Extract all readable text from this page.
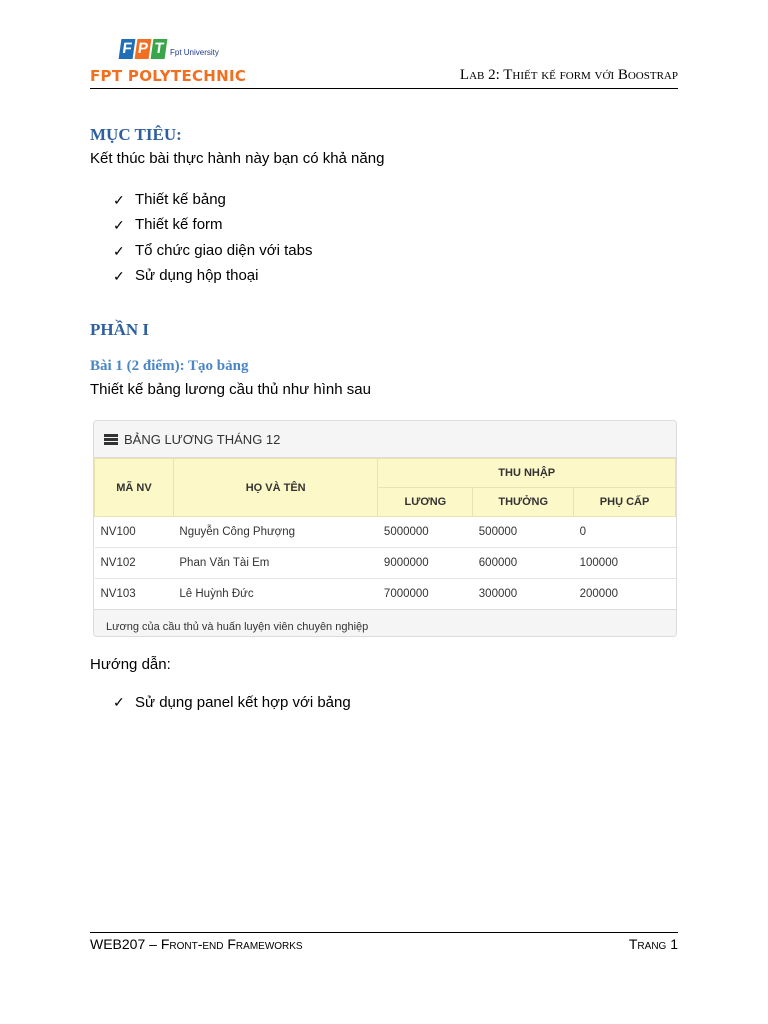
F P T Fpt University
FPT POLYTECHNIC	Lab 2: Thiết kế form với Boostrap
MỤC TIÊU:
Kết thúc bài thực hành này bạn có khả năng
✓ Thiết kế bảng
✓ Thiết kế form
✓ Tổ chức giao diện với tabs
✓ Sử dụng hộp thoại
PHẦN I
Bài 1 (2 điểm): Tạo bảng
Thiết kế bảng lương cầu thủ như hình sau
BẢNG LƯƠNG THÁNG 12
MÃ NV	HỌ VÀ TÊN	THU NHẬP		
		LƯƠNG	THƯỞNG	PHỤ CẤP
NV100	Nguyễn Công Phượng	5000000	500000	0
NV102	Phan Văn Tài Em	9000000	600000	100000
NV103	Lê Huỳnh Đức	7000000	300000	200000
Lương của cầu thủ và huấn luyện viên chuyên nghiệp
Hướng dẫn:
✓ Sử dụng panel kết hợp với bảng
WEB207 – Front-end Frameworks	Trang 1
